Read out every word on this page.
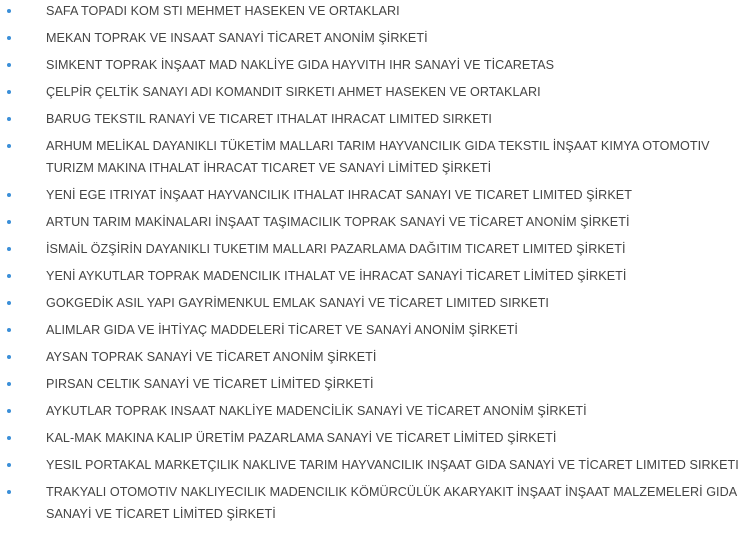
SAFA TOPADI KOM STI MEHMET HASEKEN VE ORTAKLARI
MEKAN TOPRAK VE INSAAT SANAYİ TİCARET ANONİM ŞİRKETİ
SIMKENT TOPRAK İNŞAAT MAD NAKLİYE GIDA HAYVITH IHR SANAYİ VE TİCARETAS
ÇELPİR ÇELTİK SANAYI ADI KOMANDIT SIRKETI AHMET HASEKEN VE ORTAKLARI
BARUG TEKSTIL RANAYİ VE TICARET ITHALAT IHRACAT LIMITED SIRKETI
ARHUM MELİKAL DAYANIKLI TÜKETİM MALLARI TARIM HAYVANCILIK GIDA TEKSTIL İNŞAAT KIMYA OTOMOTIV TURIZM MAKINA ITHALAT İHRACAT TICARET VE SANAYİ LİMİTED ŞİRKETİ
YENİ EGE ITRIYAT İNŞAAT HAYVANCILIK ITHALAT IHRACAT SANAYI VE TICARET LIMITED ŞİRKET
ARTUN TARIM MAKİNALARI İNŞAAT TAŞIMACILIK TOPRAK SANAYİ VE TİCARET ANONİM ŞİRKETİ
İSMAİL ÖZŞİRİN DAYANIKLI TUKETIM MALLARI PAZARLAMA DAĞITIM TICARET LIMITED ŞİRKETİ
YENİ AYKUTLAR TOPRAK MADENCILIK ITHALAT VE İHRACAT SANAYİ TİCARET LİMİTED ŞİRKETİ
GOKGEDİK ASIL YAPI GAYRİMENKUL EMLAK SANAYİ VE TİCARET LIMITED SIRKETI
ALIMLAR GIDA VE İHTİYAÇ MADDELERİ TİCARET VE SANAYİ ANONİM ŞİRKETİ
AYSAN TOPRAK SANAYİ VE TİCARET ANONİM ŞİRKETİ
PIRSAN CELTIK SANAYİ VE TİCARET LİMİTED ŞİRKETİ
AYKUTLAR TOPRAK INSAAT NAKLİYE MADENCİLİK SANAYİ VE TİCARET ANONİM ŞİRKETİ
KAL-MAK MAKINA KALIP ÜRETİM PAZARLAMA SANAYİ VE TİCARET LİMİTED ŞİRKETİ
YESIL PORTAKAL MARKETÇILIK NAKLIVE TARIM HAYVANCILIK INŞAAT GIDA SANAYİ VE TİCARET LIMITED SIRKETI
TRAKYALI OTOMOTIV NAKLIYECILIK MADENCILIK KÖMÜRCÜLÜK AKARYAKIT İNŞAAT İNŞAAT MALZEMELERİ GIDA SANAYİ VE TİCARET LİMİTED ŞİRKETİ
